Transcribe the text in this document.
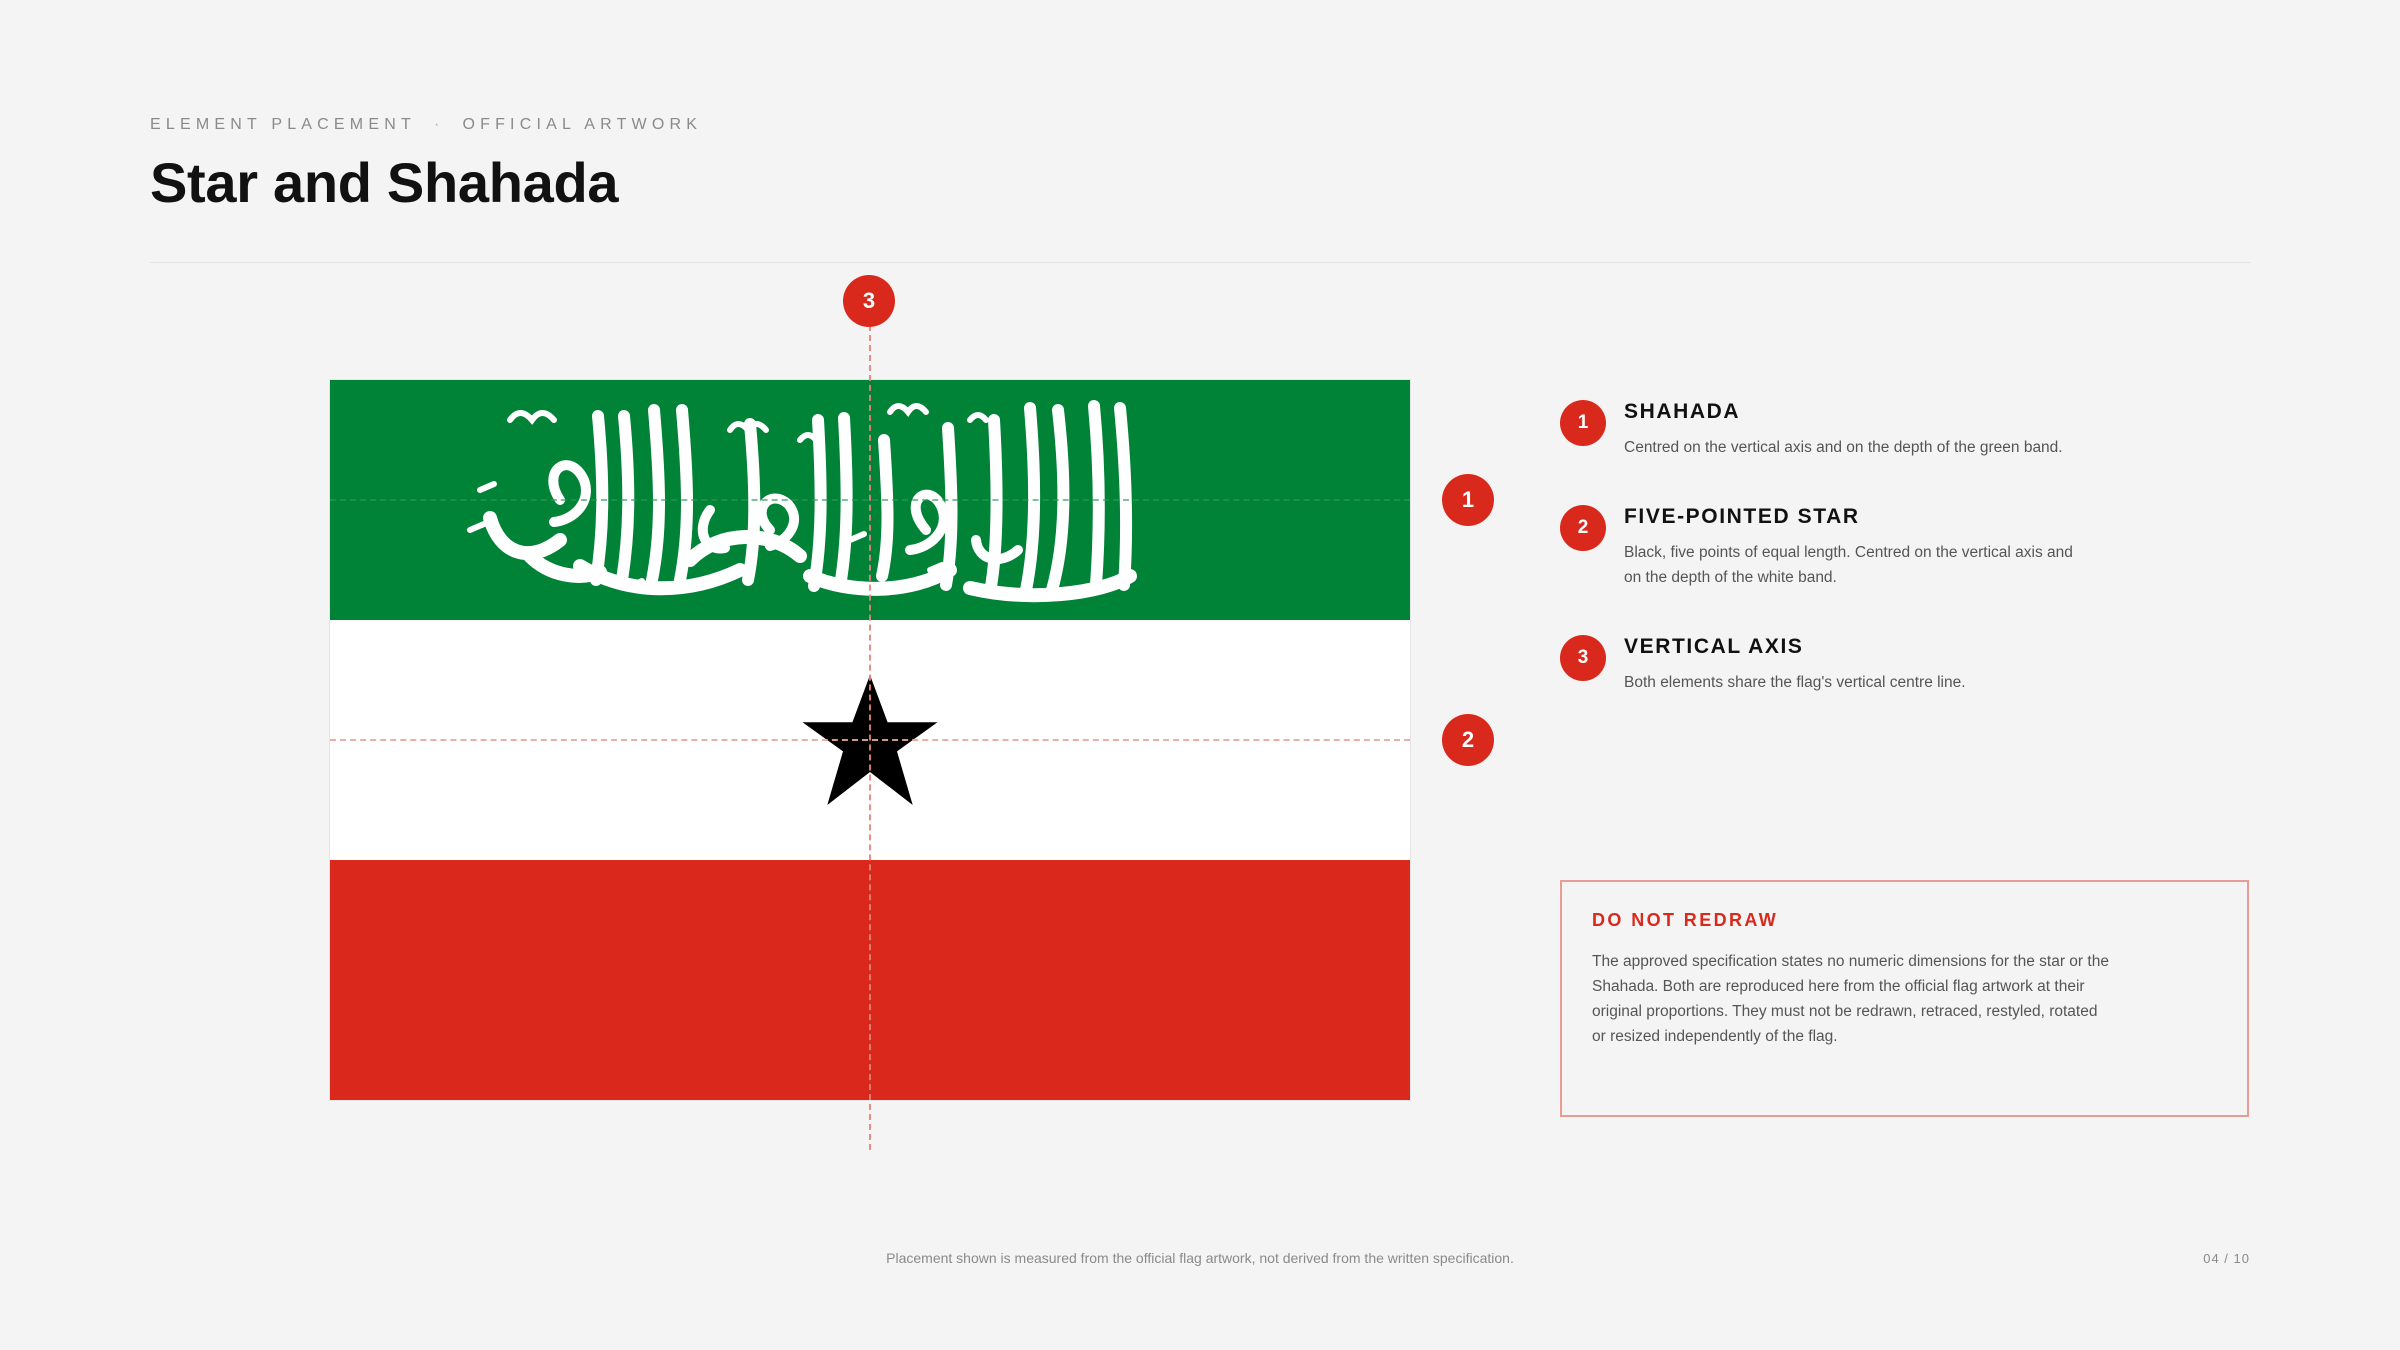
ELEMENT PLACEMENT · OFFICIAL ARTWORK
Star and Shahada
3
1
2
1	SHAHADA
Centred on the vertical axis and on the depth of the green band.
2	FIVE-POINTED STAR
Black, five points of equal length. Centred on the vertical axis and on the depth of the white band.
3	VERTICAL AXIS
Both elements share the flag's vertical centre line.
DO NOT REDRAW
The approved specification states no numeric dimensions for the star or the Shahada. Both are reproduced here from the official flag artwork at their original proportions. They must not be redrawn, retraced, restyled, rotated or resized independently of the flag.
Placement shown is measured from the official flag artwork, not derived from the written specification.	04 / 10
